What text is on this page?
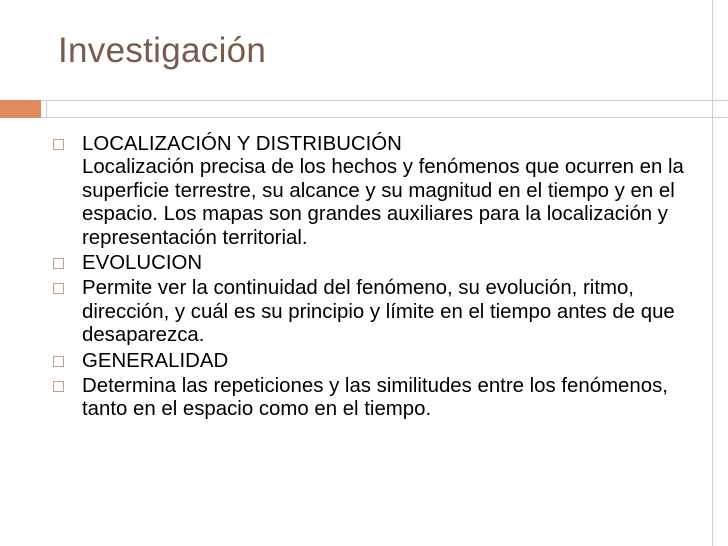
Investigación
LOCALIZACIÓN Y DISTRIBUCIÓN
Localización precisa de los hechos y fenómenos que ocurren en la superficie terrestre, su alcance y su magnitud en el tiempo y en el espacio. Los mapas son grandes auxiliares para la localización y representación territorial.
EVOLUCION
Permite ver la continuidad del fenómeno, su evolución, ritmo, dirección, y cuál es su principio y límite en el tiempo antes de que desaparezca.
GENERALIDAD
Determina las repeticiones y las similitudes entre los fenómenos, tanto en el espacio como en el tiempo.
